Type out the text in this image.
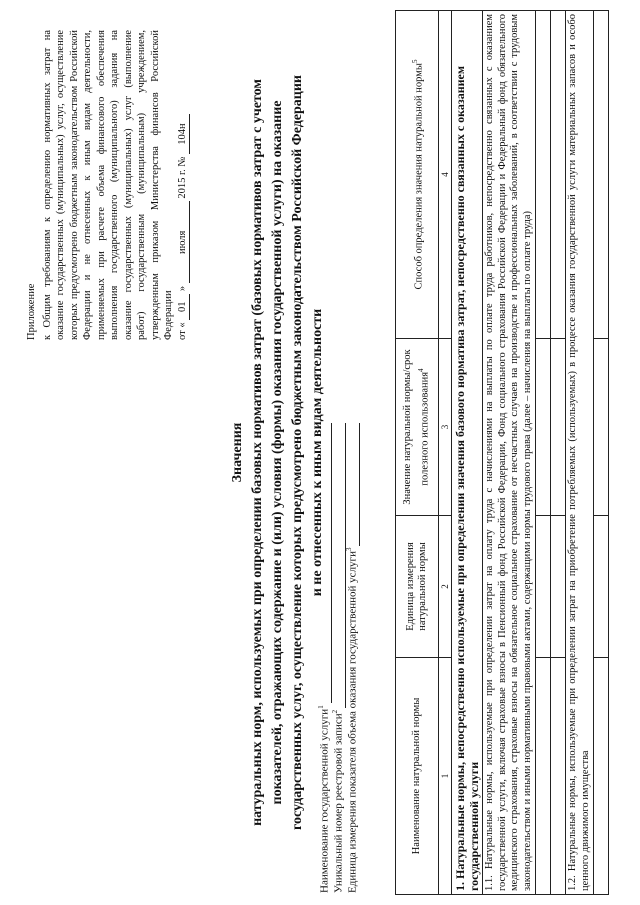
Приложение к Общим требованиям к определению нормативных затрат на оказание государственных (муниципальных) услуг, осуществление которых предусмотрено бюджетным законодательством Российской Федерации и не отнесенных к иным видам деятельности, применяемых при расчете объема финансового обеспечения выполнения государственного (муниципального) задания на оказание государственных (муниципальных) услуг (выполнение работ) государственным (муниципальным) учреждением, утвержденным приказом Министерства финансов Российской Федерации от « 01 » июля 2015 г. № 104н

Значения натуральных норм, используемых при определении базовых нормативов затрат (базовых нормативов затрат с учетом показателей, отражающих содержание и (или) условия (формы) оказания государственной услуги) на оказание государственных услуг, осуществление которых предусмотрено бюджетным законодательством Российской Федерации и не отнесенных к иным видам деятельности

Наименование государственной услуги$^1$
Уникальный номер реестровой записи$^2$ Единица измерения показателя объема оказания государственной услуги$^3$
Наименование натуральной нормы	Единица измерения натуральной нормы	Значение натуральной нормы/срок полезного использования$^4$	Способ определения значения натуральной нормы$^5$
1	2	3	4
1. Натуральные нормы, непосредственно используемые при определении значения базового норматива затрат, непосредственно связанных с оказанием государственной услуги			
1.1. Натуральные нормы, используемые при определении затрат на оплату труда с начислениями на выплаты по оплате труда работников, непосредственно связанных с оказанием государственной услуги, включая страховые взносы в Пенсионный фонд Российской Федерации, Фонд социального страхования Российской Федерации и Федеральный фонд обязательного медицинского страхования, страховые взносы на обязательное социальное страхование от несчастных случаев на производстве и профессиональных заболеваний, в соответствии с трудовым законодательством и иными нормативными правовыми актами, содержащими нормы трудового права (далее – начисления на выплаты по оплате труда)			

1.2. Натуральные нормы, используемые при определении затрат на приобретение потребляемых (используемых) в процессе оказания государственной услуги материальных запасов и особо ценного движимого имущества			
